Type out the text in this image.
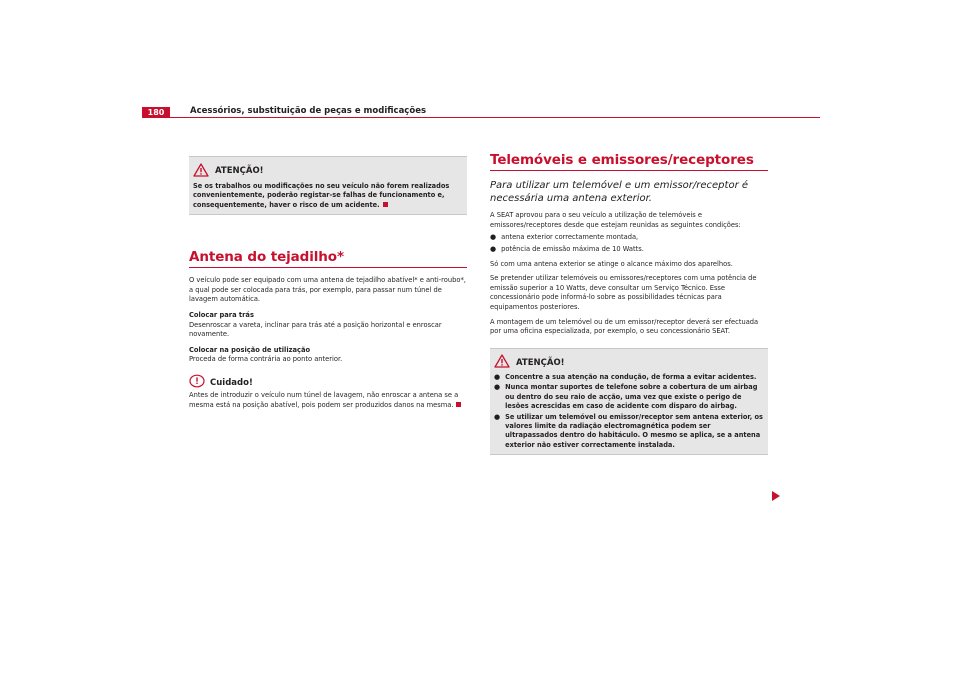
180	Acessórios, substituição de peças e modificações
ATENÇÃO!
Se os trabalhos ou modificações no seu veículo não forem realizados convenientemente, poderão registar-se falhas de funcionamento e, consequentemente, haver o risco de um acidente.
Antena do tejadilho*
O veículo pode ser equipado com uma antena de tejadilho abatível* e anti-roubo*, a qual pode ser colocada para trás, por exemplo, para passar num túnel de lavagem automática.
Colocar para trás
Desenroscar a vareta, inclinar para trás até a posição horizontal e enroscar novamente.
Colocar na posição de utilização
Proceda de forma contrária ao ponto anterior.
Cuidado!
Antes de introduzir o veículo num túnel de lavagem, não enroscar a antena se a mesma está na posição abatível, pois podem ser produzidos danos na mesma.
Telemóveis e emissores/receptores
Para utilizar um telemóvel e um emissor/receptor é necessária uma antena exterior.
A SEAT aprovou para o seu veículo a utilização de telemóveis e emissores/receptores desde que estejam reunidas as seguintes condições:
● antena exterior correctamente montada,
● potência de emissão máxima de 10 Watts.
Só com uma antena exterior se atinge o alcance máximo dos aparelhos.
Se pretender utilizar telemóveis ou emissores/receptores com uma potência de emissão superior a 10 Watts, deve consultar um Serviço Técnico. Esse concessionário pode informá-lo sobre as possibilidades técnicas para equipamentos posteriores.
A montagem de um telemóvel ou de um emissor/receptor deverá ser efectuada por uma oficina especializada, por exemplo, o seu concessionário SEAT.
ATENÇÃO!
● Concentre a sua atenção na condução, de forma a evitar acidentes.
● Nunca montar suportes de telefone sobre a cobertura de um airbag ou dentro do seu raio de acção, uma vez que existe o perigo de lesões acrescidas em caso de acidente com disparo do airbag.
● Se utilizar um telemóvel ou emissor/receptor sem antena exterior, os valores limite da radiação electromagnética podem ser ultrapassados dentro do habitáculo. O mesmo se aplica, se a antena exterior não estiver correctamente instalada.
